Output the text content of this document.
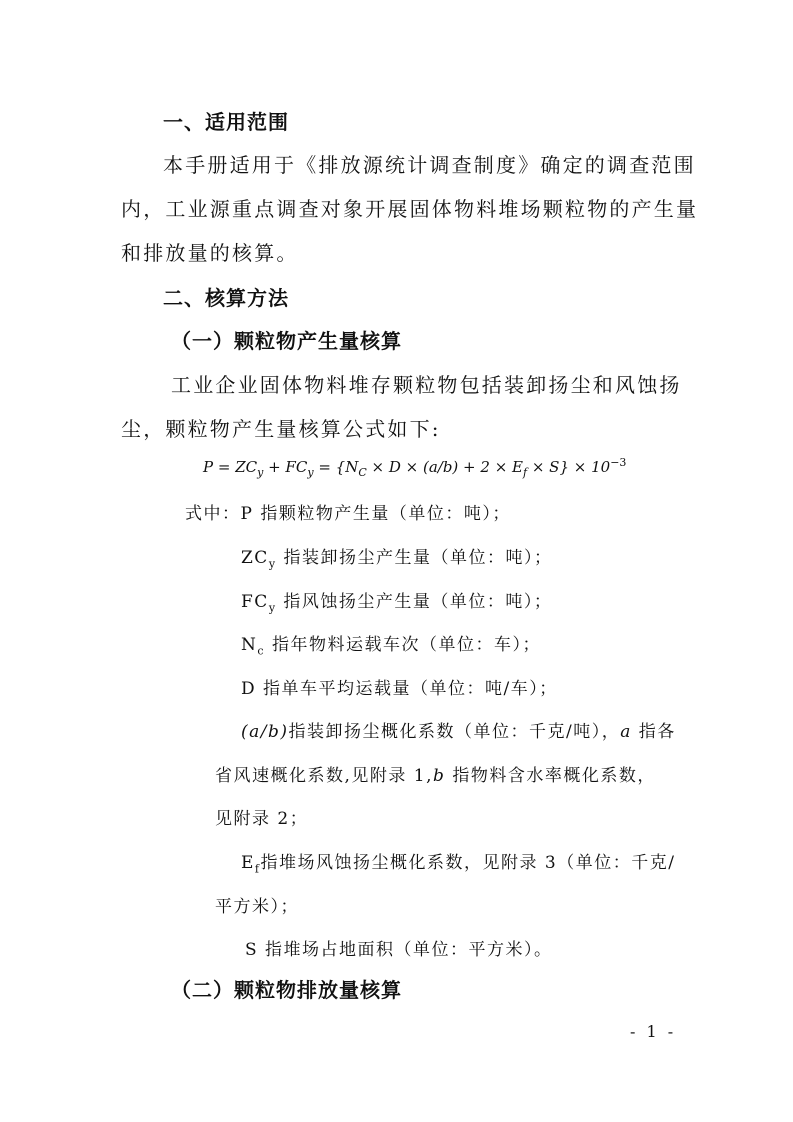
一、适用范围
本手册适用于《排放源统计调查制度》确定的调查范围
内，工业源重点调查对象开展固体物料堆场颗粒物的产生量
和排放量的核算。
二、核算方法
（一）颗粒物产生量核算
工业企业固体物料堆存颗粒物包括装卸扬尘和风蚀扬
尘，颗粒物产生量核算公式如下:
$P = ZC_y + FC_y = \{N_C \times D \times (a/b) + 2 \times E_f \times S\} \times 10^{-3}$
式中：P 指颗粒物产生量（单位：吨）；
$ZC_y$ 指装卸扬尘产生量（单位：吨）；
$FC_y$ 指风蚀扬尘产生量（单位：吨）；
$N_c$ 指年物料运载车次（单位：车）；
D 指单车平均运载量（单位：吨/车）；
(a/b)指装卸扬尘概化系数（单位：千克/吨），a 指各
省风速概化系数,见附录 1,b 指物料含水率概化系数，
见附录 2；
$E_f$指堆场风蚀扬尘概化系数，见附录 3（单位：千克/
平方米）；
S 指堆场占地面积（单位：平方米）。
（二）颗粒物排放量核算
- 1 -
